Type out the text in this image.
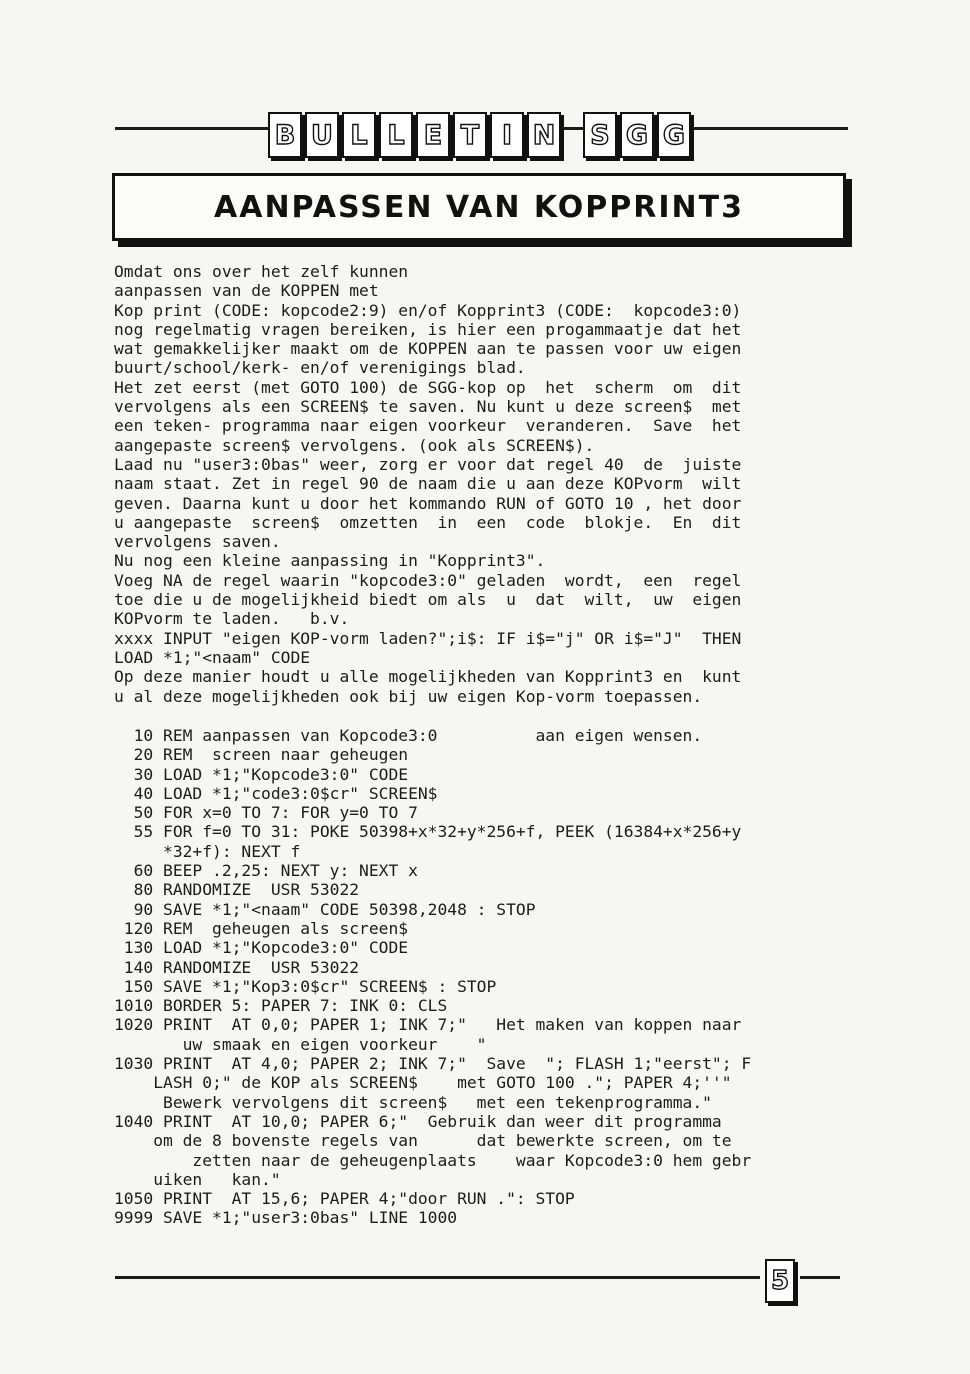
B U L L E T I N S G G
AANPASSEN VAN KOPPRINT3
Omdat ons over het zelf kunnen
aanpassen van de KOPPEN met
Kop print (CODE: kopcode2:9) en/of Kopprint3 (CODE:  kopcode3:0)
nog regelmatig vragen bereiken, is hier een progammaatje dat het
wat gemakkelijker maakt om de KOPPEN aan te passen voor uw eigen
buurt/school/kerk- en/of verenigings blad.
Het zet eerst (met GOTO 100) de SGG-kop op  het  scherm  om  dit
vervolgens als een SCREEN$ te saven. Nu kunt u deze screen$  met
een teken- programma naar eigen voorkeur  veranderen.  Save  het
aangepaste screen$ vervolgens. (ook als SCREEN$).
Laad nu "user3:0bas" weer, zorg er voor dat regel 40  de  juiste
naam staat. Zet in regel 90 de naam die u aan deze KOPvorm  wilt
geven. Daarna kunt u door het kommando RUN of GOTO 10 , het door
u aangepaste  screen$  omzetten  in  een  code  blokje.  En  dit
vervolgens saven.
Nu nog een kleine aanpassing in "Kopprint3".
Voeg NA de regel waarin "kopcode3:0" geladen  wordt,  een  regel
toe die u de mogelijkheid biedt om als  u  dat  wilt,  uw  eigen
KOPvorm te laden.   b.v.
xxxx INPUT "eigen KOP-vorm laden?";i$: IF i$="j" OR i$="J"  THEN
LOAD *1;"<naam" CODE
Op deze manier houdt u alle mogelijkheden van Kopprint3 en  kunt
u al deze mogelijkheden ook bij uw eigen Kop-vorm toepassen.
10 REM aanpassen van Kopcode3:0          aan eigen wensen.
20 REM  screen naar geheugen
30 LOAD *1;"Kopcode3:0" CODE
40 LOAD *1;"code3:0$cr" SCREEN$
50 FOR x=0 TO 7: FOR y=0 TO 7
55 FOR f=0 TO 31: POKE 50398+x*32+y*256+f, PEEK (16384+x*256+y
*32+f): NEXT f
60 BEEP .2,25: NEXT y: NEXT x
80 RANDOMIZE  USR 53022
90 SAVE *1;"<naam" CODE 50398,2048 : STOP
120 REM  geheugen als screen$
130 LOAD *1;"Kopcode3:0" CODE
140 RANDOMIZE  USR 53022
150 SAVE *1;"Kop3:0$cr" SCREEN$ : STOP
1010 BORDER 5: PAPER 7: INK 0: CLS
1020 PRINT  AT 0,0; PAPER 1; INK 7;"   Het maken van koppen naar
uw smaak en eigen voorkeur    "
1030 PRINT  AT 4,0; PAPER 2; INK 7;"  Save  "; FLASH 1;"eerst"; F
LASH 0;" de KOP als SCREEN$    met GOTO 100 ."; PAPER 4;''"
Bewerk vervolgens dit screen$   met een tekenprogramma."
1040 PRINT  AT 10,0; PAPER 6;"  Gebruik dan weer dit programma
om de 8 bovenste regels van      dat bewerkte screen, om te
zetten naar de geheugenplaats    waar Kopcode3:0 hem gebr
uiken   kan."
1050 PRINT  AT 15,6; PAPER 4;"door RUN .": STOP
9999 SAVE *1;"user3:0bas" LINE 1000
5
